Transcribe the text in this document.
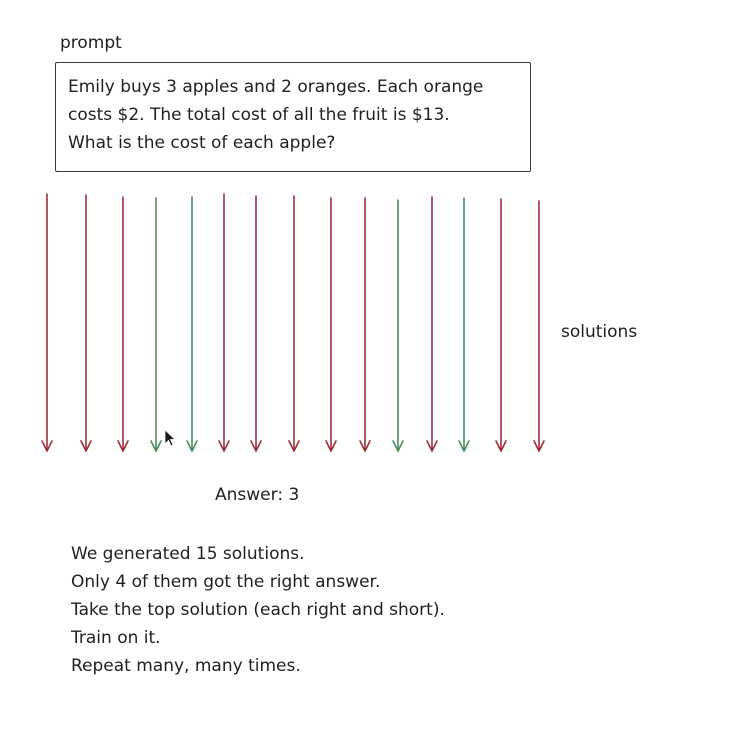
prompt
Emily buys 3 apples and 2 oranges. Each orange
costs $2. The total cost of all the fruit is $13.
What is the cost of each apple?
solutions
Answer: 3
We generated 15 solutions.
Only 4 of them got the right answer.
Take the top solution (each right and short).
Train on it.
Repeat many, many times.
